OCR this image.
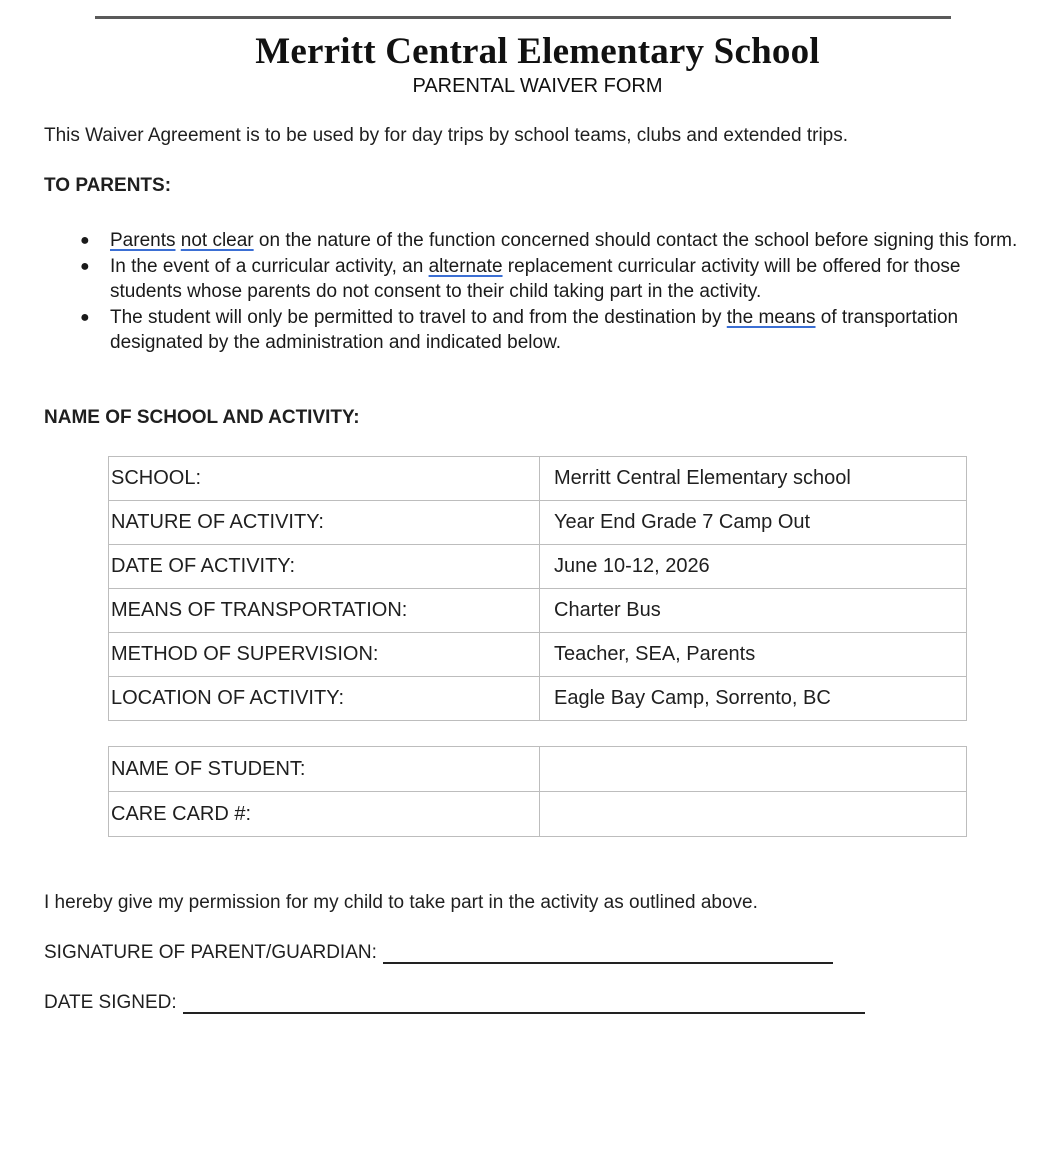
Merritt Central Elementary School
PARENTAL WAIVER FORM
This Waiver Agreement is to be used by for day trips by school teams, clubs and extended trips.
TO PARENTS:
● Parents not clear on the nature of the function concerned should contact the school before signing this form.
● In the event of a curricular activity, an alternate replacement curricular activity will be offered for those students whose parents do not consent to their child taking part in the activity.
● The student will only be permitted to travel to and from the destination by the means of transportation designated by the administration and indicated below.
NAME OF SCHOOL AND ACTIVITY:
SCHOOL:	Merritt Central Elementary school
NATURE OF ACTIVITY:	Year End Grade 7 Camp Out
DATE OF ACTIVITY:	June 10-12, 2026
MEANS OF TRANSPORTATION:	Charter Bus
METHOD OF SUPERVISION:	Teacher, SEA, Parents
LOCATION OF ACTIVITY:	Eagle Bay Camp, Sorrento, BC
NAME OF STUDENT:	
CARE CARD #:	
I hereby give my permission for my child to take part in the activity as outlined above.
SIGNATURE OF PARENT/GUARDIAN:
DATE SIGNED:
